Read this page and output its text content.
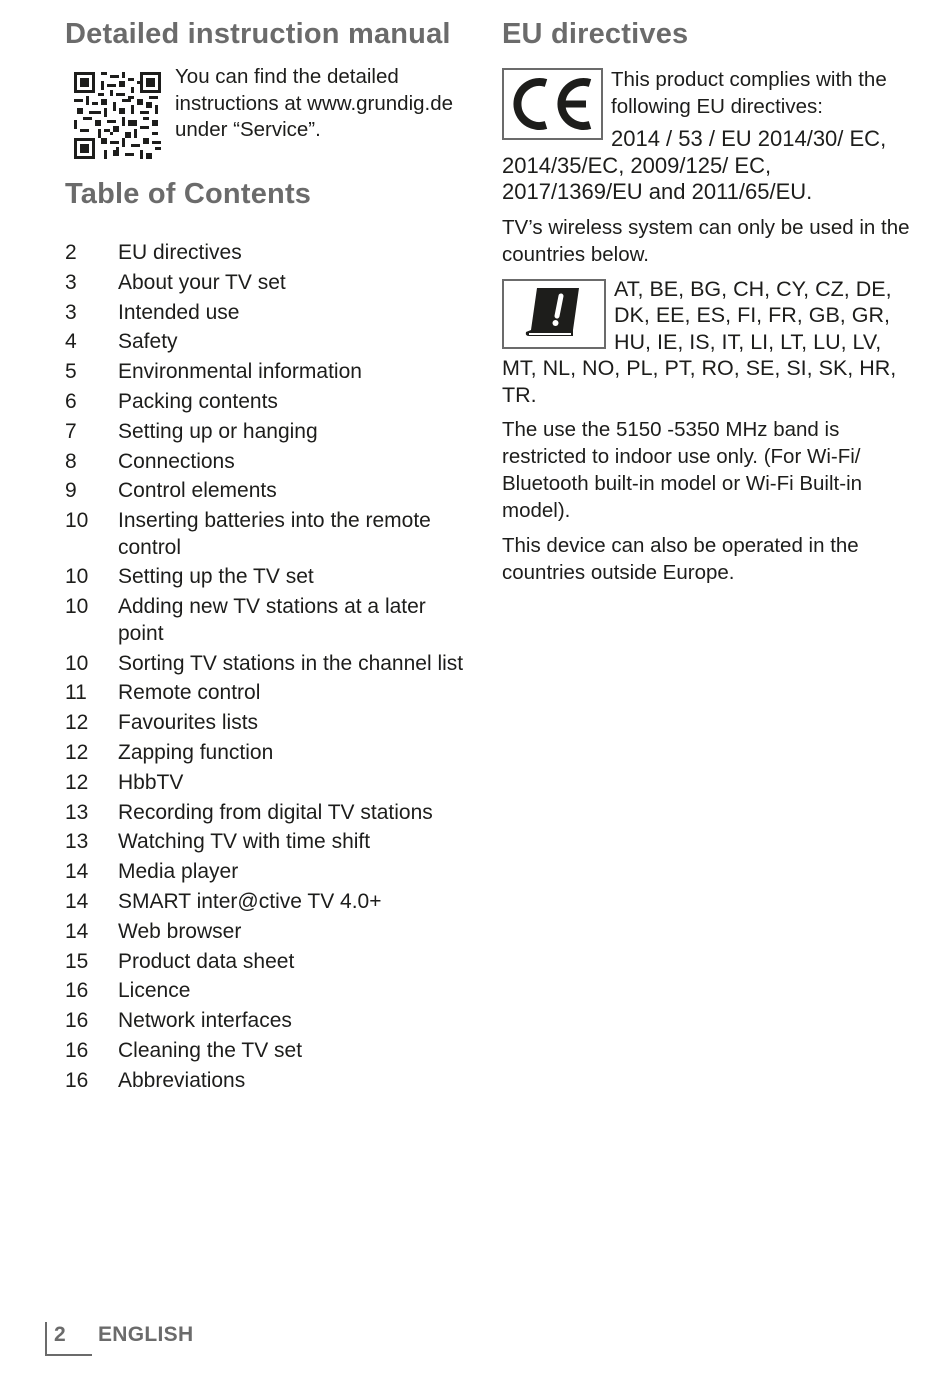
Detailed instruction manual
You can find the detailed instructions at www.grundig.de under “Service”.
Table of Contents
2	EU directives
3	About your TV set
3	Intended use
4	Safety
5	Environmental information
6	Packing contents
7	Setting up or hanging
8	Connections
9	Control elements
10	Inserting batteries into the remote control
10	Setting up the TV set
10	Adding new TV stations at a later point
10	Sorting TV stations in the channel list
11	Remote control
12	Favourites lists
12	Zapping function
12	HbbTV
13	Recording from digital TV stations
13	Watching TV with time shift
14	Media player
14	SMART inter@ctive TV 4.0+
14	Web browser
15	Product data sheet
16	Licence
16	Network interfaces
16	Cleaning the TV set
16	Abbreviations
EU directives

This product complies with the following EU directives:

2014 / 53 / EU 2014/30/ EC, 2014/35/EC, 2009/125/ EC, 2017/1369/EU and 2011/65/EU.

TV’s wireless system can only be used in the countries below.

AT, BE, BG, CH, CY, CZ, DE, DK, EE, ES, FI, FR, GB, GR, HU, IE, IS, IT, LI, LT, LU, LV, MT, NL, NO, PL, PT, RO, SE, SI, SK, HR, TR.

The use the 5150 -5350 MHz band is restricted to indoor use only. (For Wi-Fi/ Bluetooth built-in model or Wi-Fi Built-in model).

This device can also be operated in the countries outside Europe.

2 ENGLISH
